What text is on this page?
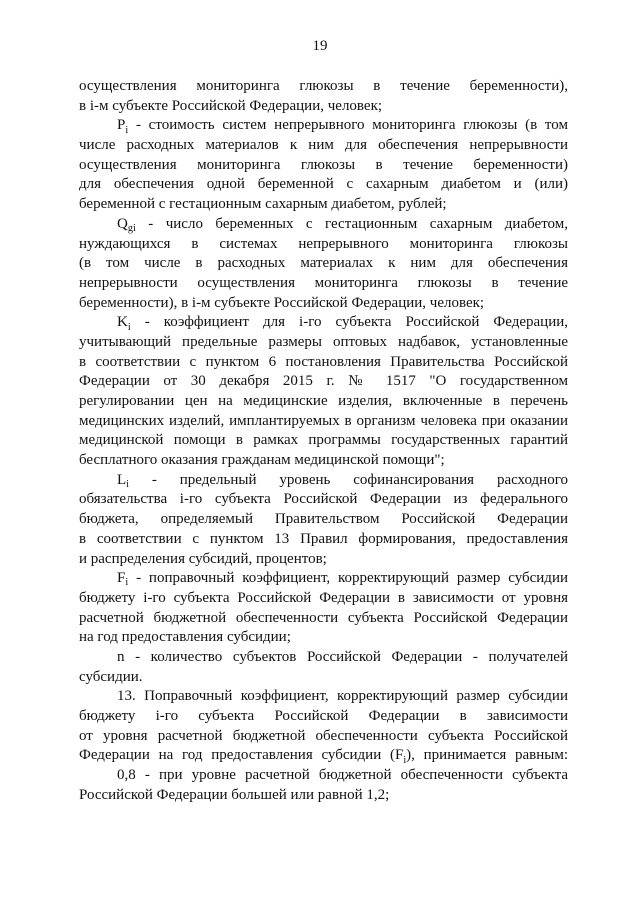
19
осуществления мониторинга глюкозы в течение беременности),
в i-м субъекте Российской Федерации, человек;
$P_i$ - стоимость систем непрерывного мониторинга глюкозы (в том
числе расходных материалов к ним для обеспечения непрерывности
осуществления мониторинга глюкозы в течение беременности)
для обеспечения одной беременной с сахарным диабетом и (или)
беременной с гестационным сахарным диабетом, рублей;
$Q_{gi}$ - число беременных с гестационным сахарным диабетом,
нуждающихся в системах непрерывного мониторинга глюкозы
(в том числе в расходных материалах к ним для обеспечения
непрерывности осуществления мониторинга глюкозы в течение
беременности), в i-м субъекте Российской Федерации, человек;
$K_i$ - коэффициент для i-го субъекта Российской Федерации,
учитывающий предельные размеры оптовых надбавок, установленные
в соответствии с пунктом 6 постановления Правительства Российской
Федерации от 30 декабря 2015 г. № 1517 "О государственном
регулировании цен на медицинские изделия, включенные в перечень
медицинских изделий, имплантируемых в организм человека при оказании
медицинской помощи в рамках программы государственных гарантий
бесплатного оказания гражданам медицинской помощи";
$L_i$ - предельный уровень софинансирования расходного
обязательства i-го субъекта Российской Федерации из федерального
бюджета, определяемый Правительством Российской Федерации
в соответствии с пунктом 13 Правил формирования, предоставления
и распределения субсидий, процентов;
$F_i$ - поправочный коэффициент, корректирующий размер субсидии
бюджету i-го субъекта Российской Федерации в зависимости от уровня
расчетной бюджетной обеспеченности субъекта Российской Федерации
на год предоставления субсидии;
n - количество субъектов Российской Федерации - получателей
субсидии.
13. Поправочный коэффициент, корректирующий размер субсидии
бюджету i-го субъекта Российской Федерации в зависимости
от уровня расчетной бюджетной обеспеченности субъекта Российской
Федерации на год предоставления субсидии $(F_i)$, принимается равным:
0,8 - при уровне расчетной бюджетной обеспеченности субъекта
Российской Федерации большей или равной 1,2;
